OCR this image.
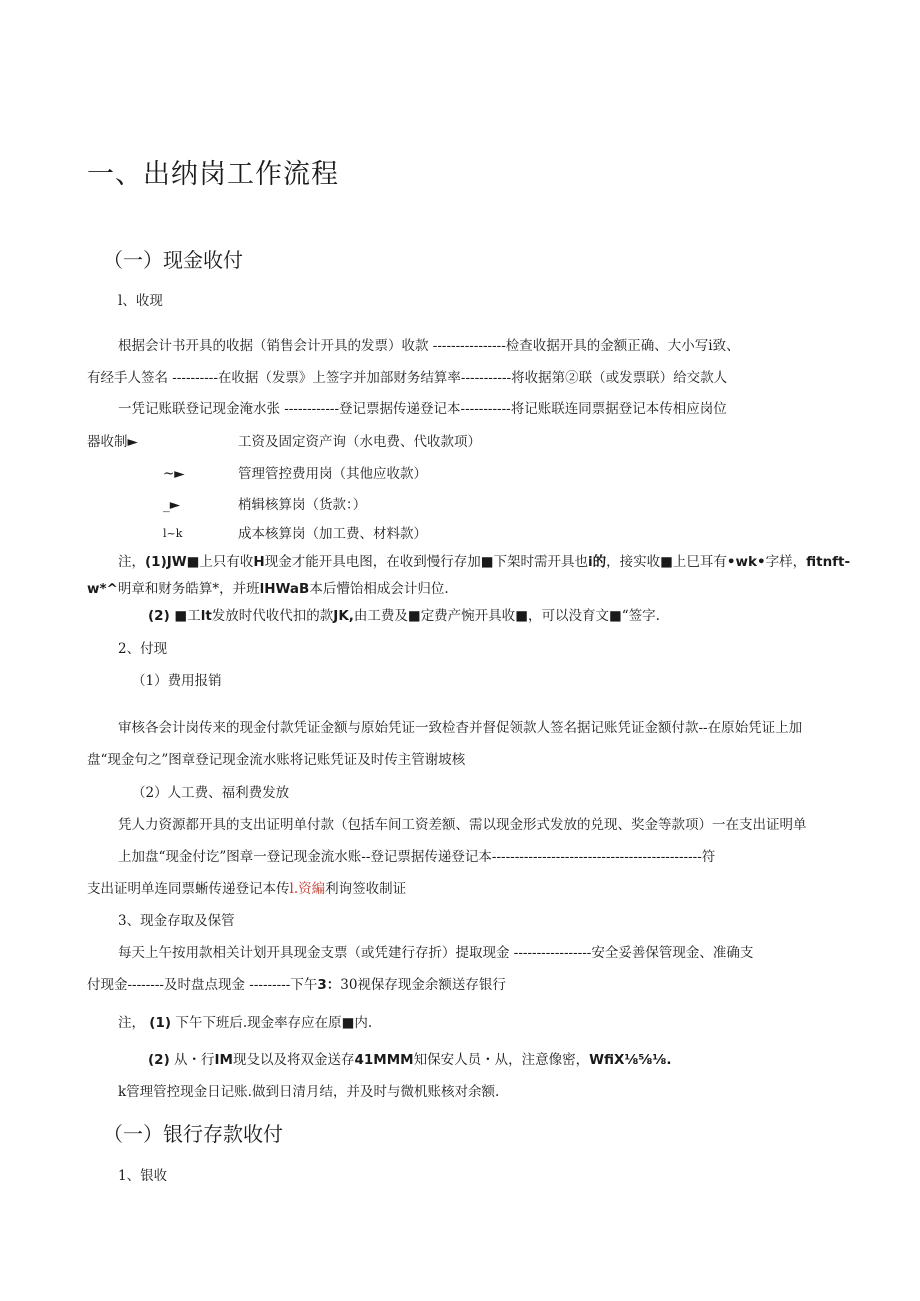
一、出纳岗工作流程
（一）现金收付
l、收现
根据会计书开具的收据（销售会计开具的发票）收款 ----------------检查收据开具的金额正确、大小写i致、
有经手人签名 ----------在收据（发票》上签字并加部财务结算率-----------将收据第②联（或发票联）给交款人
一凭记账联登记现金淹水张 ------------登记票据传递登记本-----------将记账联连同票据登记本传相应岗位
器收制►	工资及固定资产询（水电费、代收款项）
~►	管理管控费用岗（其他应收款）
_►	梢辑核算岗（货款：）
l~k	成本核算岗（加工费、材料款）
注，(1)JW■上只有收H现金才能开具电图，在收到慢行存加■下架时需开具也i的，接实收■上巳耳有•wk•字样，fitnft-
w*^明章和财务皓算*，并班lHWaB本后懵饴相成会计归位.
(2) ■工lt发放时代收代扣的款JK,由工费及■定费产惋开具收■，可以没育文■“签字.
2、付现
（1）费用报销
审核各会计岗传来的现金付款凭证金额与原始凭证一致检杳并督促领款人签名据记账凭证金额付款--在原始凭证上加
盘“现金句之”图章登记现金流水账将记账凭证及时传主管谢坡核
（2）人工费、福利费发放
凭人力资源都开具的支出证明单付款（包括车间工资差额、需以现金形式发放的兑现、奖金等款项）一在支出证明单
上加盘“现金付讫”图章一登记现金流水账--登记票据传递登记本----------------------------------------------符
支出证明单连同票蜥传递登记本传l.资編利询签收制证
3、现金存取及保管
每天上午按用款相关计划开具现金支票（或凭建行存折）提取现金 -----------------安全妥善保管现金、准确支
付现金--------及时盘点现金 ---------下午3：30视保存现金余额送存银行
注， (1) 下午下班后.现金率存应在原■内.
(2) 从・行IM现殳以及将双金送存41MMM知保安人员・从，注意像密，WfiX⅛⅝⅛.
k管理管控现金日记账.做到日清月结，并及时与微机账核对余额.
（一）银行存款收付
1、银收
